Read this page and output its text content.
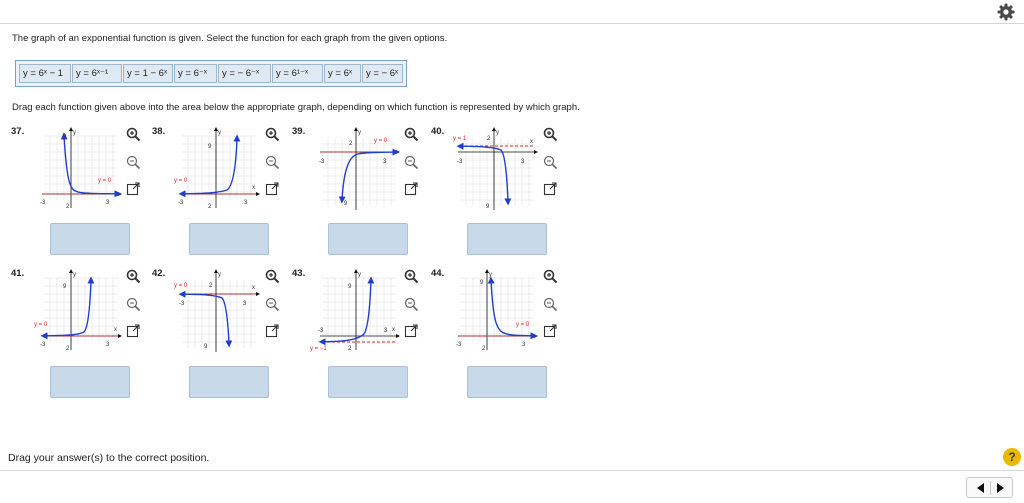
The graph of an exponential function is given. Select the function for each graph from the given options.
y = 6ˣ − 1	y = 6ˣ⁻¹	y = 1 − 6ˣ	y = 6⁻ˣ	y = − 6⁻ˣ	y = 6¹⁻ˣ	y = 6ˣ	y = − 6ˣ
Drag each function given above into the area below the appropriate graph, depending on which function is represented by which graph.
37.	38.	39.	40.
41.	42.	43.	44.
y
9
-3
2
3
y = 0
y
x
9
-3
2
3
y = 0
y
2
-3	3
9
y = 0
y
x
2
-3	3
9
y = 1
y
x
9
-3
2
3
y = 0
y
x
2
-3	3
9
y = 0
y
x
9
-3
2
3
y = −1
y
9
-3
2
3
y = 0
Drag your answer(s) to the correct position.	?
